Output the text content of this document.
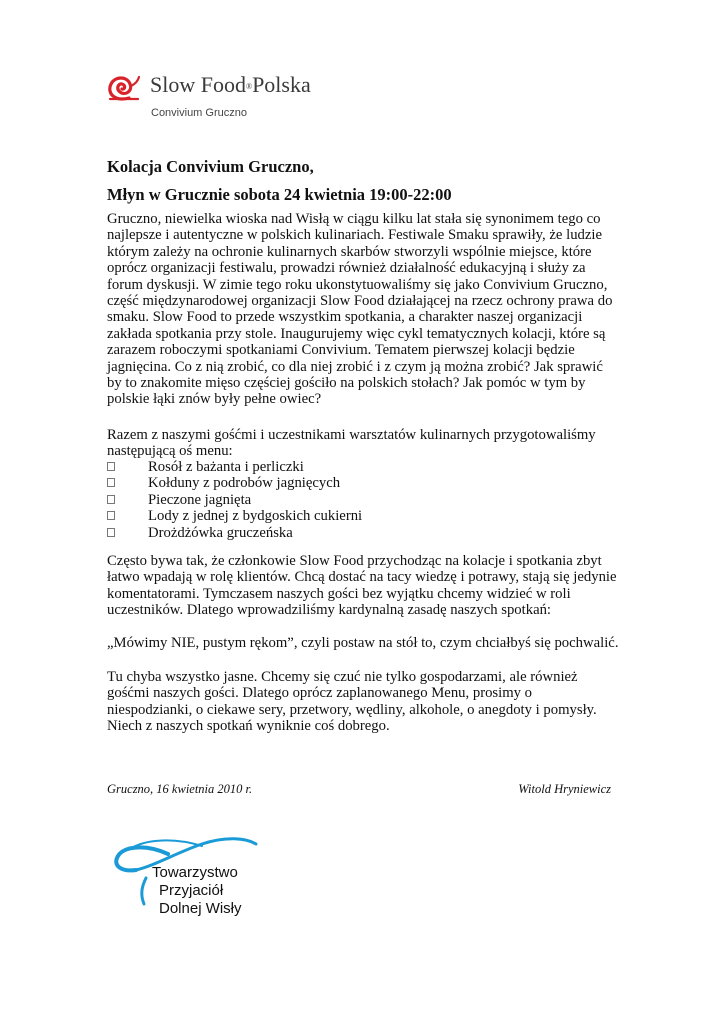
Slow Food®Polska
Convivium Gruczno
Kolacja Convivium Gruczno,
Młyn w Grucznie sobota 24 kwietnia 19:00-22:00

Gruczno, niewielka wioska nad Wisłą w ciągu kilku lat stała się synonimem tego co najlepsze i autentyczne w polskich kulinariach. Festiwale Smaku sprawiły, że ludzie którym zależy na ochronie kulinarnych skarbów stworzyli wspólnie miejsce, które oprócz organizacji festiwalu, prowadzi również działalność edukacyjną i służy za forum dyskusji. W zimie tego roku ukonstytuowaliśmy się jako Convivium Gruczno, część międzynarodowej organizacji Slow Food działającej na rzecz ochrony prawa do smaku. Slow Food to przede wszystkim spotkania, a charakter naszej organizacji zakłada spotkania przy stole. Inaugurujemy więc cykl tematycznych kolacji, które są zarazem roboczymi spotkaniami Convivium. Tematem pierwszej kolacji będzie jagnięcina. Co z nią zrobić, co dla niej zrobić i z czym ją można zrobić? Jak sprawić by to znakomite mięso częściej gościło na polskich stołach? Jak pomóc w tym by polskie łąki znów były pełne owiec?

Razem z naszymi gośćmi i uczestnikami warsztatów kulinarnych przygotowaliśmy następującą oś menu:

Rosół z bażanta i perliczki
Kołduny z podrobów jagnięcych
Pieczone jagnięta
Lody z jednej z bydgoskich cukierni
Drożdżówka gruczeńska

Często bywa tak, że członkowie Slow Food przychodząc na kolacje i spotkania zbyt łatwo wpadają w rolę klientów. Chcą dostać na tacy wiedzę i potrawy, stają się jedynie komentatorami. Tymczasem naszych gości bez wyjątku chcemy widzieć w roli uczestników. Dlatego wprowadziliśmy kardynalną zasadę naszych spotkań:

„Mówimy NIE, pustym rękom”, czyli postaw na stół to, czym chciałbyś się pochwalić.

Tu chyba wszystko jasne. Chcemy się czuć nie tylko gospodarzami, ale również gośćmi naszych gości. Dlatego oprócz zaplanowanego Menu, prosimy o niespodzianki, o ciekawe sery, przetwory, wędliny, alkohole, o anegdoty i pomysły. Niech z naszych spotkań wyniknie coś dobrego.

Gruczno, 16 kwietnia 2010 r.	Witold Hryniewicz
Towarzystwo
Przyjaciół
Dolnej Wisły
